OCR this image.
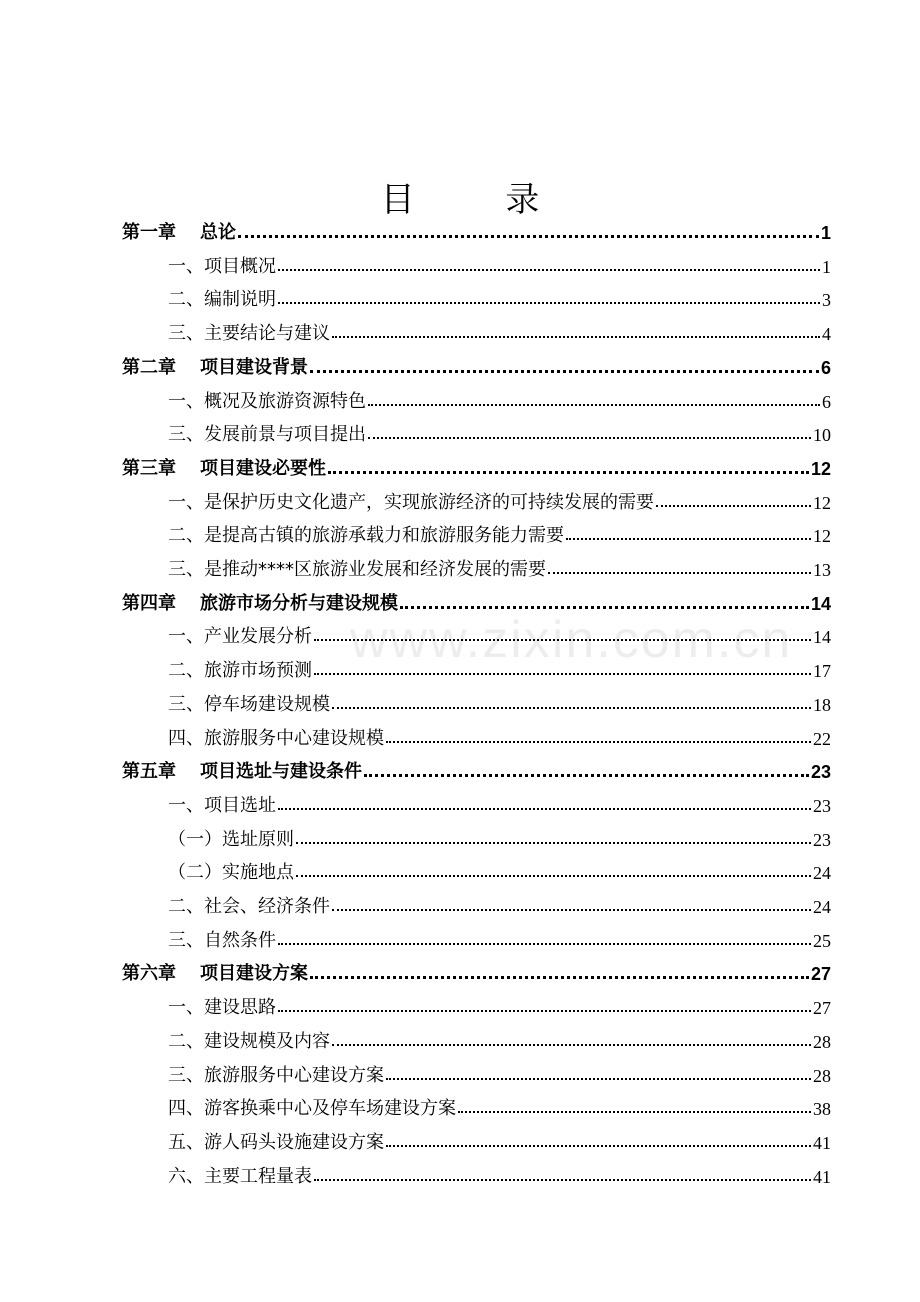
目 录
www.zixin.com.cn
第一章 总论	1
一、项目概况	1
二、编制说明	3
三、主要结论与建议	4
第二章 项目建设背景	6
一、概况及旅游资源特色	6
三、发展前景与项目提出	10
第三章 项目建设必要性	12
一、是保护历史文化遗产，实现旅游经济的可持续发展的需要	12
二、是提高古镇的旅游承载力和旅游服务能力需要	12
三、是推动****区旅游业发展和经济发展的需要	13
第四章 旅游市场分析与建设规模	14
一、产业发展分析	14
二、旅游市场预测	17
三、停车场建设规模	18
四、旅游服务中心建设规模	22
第五章 项目选址与建设条件	23
一、项目选址	23
（一）选址原则	23
（二）实施地点	24
二、社会、经济条件	24
三、自然条件	25
第六章 项目建设方案	27
一、建设思路	27
二、建设规模及内容	28
三、旅游服务中心建设方案	28
四、游客换乘中心及停车场建设方案	38
五、游人码头设施建设方案	41
六、主要工程量表	41
